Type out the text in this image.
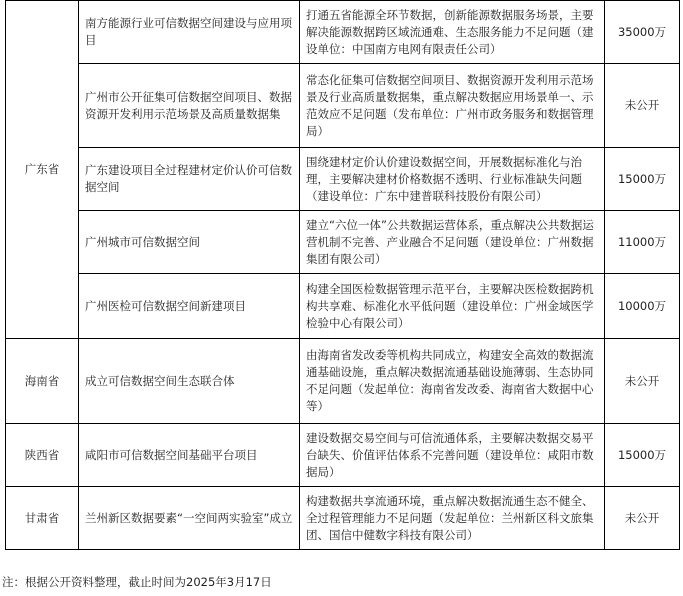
广东省	南方能源行业可信数据空间建设与应用项目	打通五省能源全环节数据，创新能源数据服务场景，主要解决能源数据跨区域流通难、生态服务能力不足问题（建设单位：中国南方电网有限责任公司）	35000万
	广州市公开征集可信数据空间项目、数据资源开发利用示范场景及高质量数据集	常态化征集可信数据空间项目、数据资源开发利用示范场景及行业高质量数据集，重点解决数据应用场景单一、示范效应不足问题（发布单位：广州市政务服务和数据管理局）	未公开
	广东建设项目全过程建材定价认价可信数据空间	围绕建材定价认价建设数据空间，开展数据标准化与治理，主要解决建材价格数据不透明、行业标准缺失问题（建设单位：广东中建普联科技股份有限公司）	15000万
	广州城市可信数据空间	建立“六位一体”公共数据运营体系，重点解决公共数据运营机制不完善、产业融合不足问题（建设单位：广州数据集团有限公司）	11000万
	广州医检可信数据空间新建项目	构建全国医检数据管理示范平台，主要解决医检数据跨机构共享难、标准化水平低问题（建设单位：广州金域医学检验中心有限公司）	10000万
海南省	成立可信数据空间生态联合体	由海南省发改委等机构共同成立，构建安全高效的数据流通基础设施，重点解决数据流通基础设施薄弱、生态协同不足问题（发起单位：海南省发改委、海南省大数据中心等）	未公开
陕西省	咸阳市可信数据空间基础平台项目	建设数据交易空间与可信流通体系，主要解决数据交易平台缺失、价值评估体系不完善问题（建设单位：咸阳市数据局）	15000万
甘肃省	兰州新区数据要素“一空间两实验室”成立	构建数据共享流通环境，重点解决数据流通生态不健全、全过程管理能力不足问题（发起单位：兰州新区科文旅集团、国信中健数字科技有限公司）	未公开
注：根据公开资料整理，截止时间为2025年3月17日
